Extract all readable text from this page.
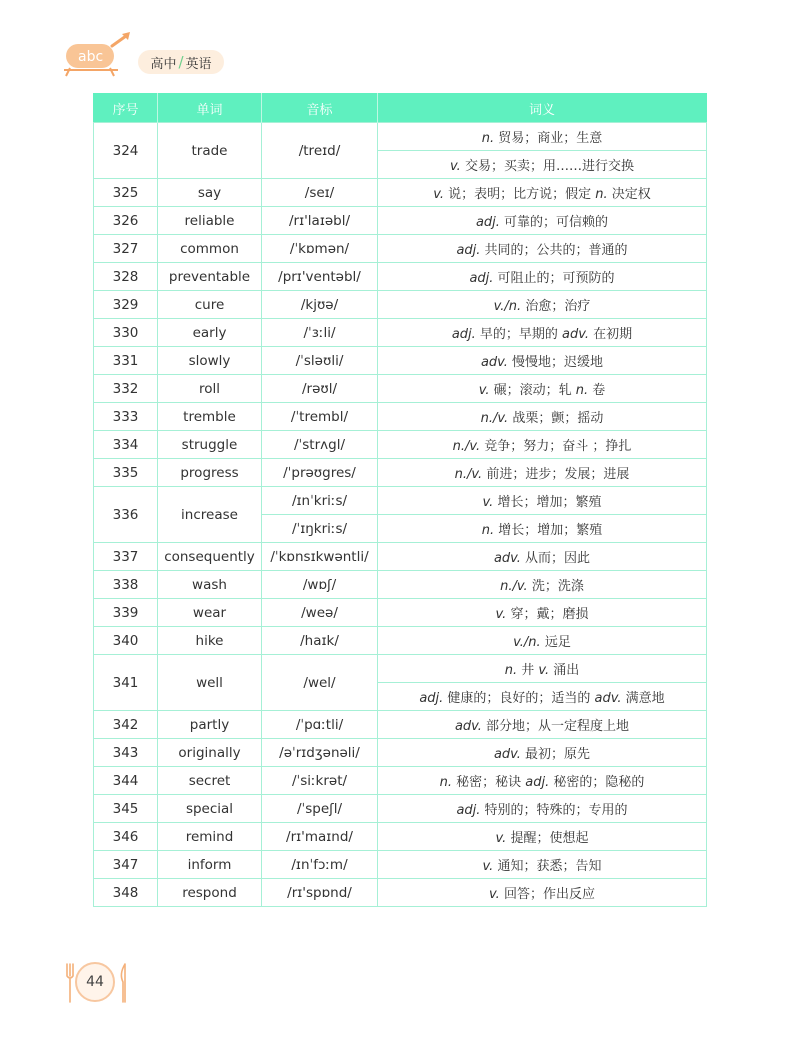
abc	高中 / 英语
序号	单词	音标	词义
324	trade	/treɪd/	n. 贸易；商业；生意
			v. 交易；买卖；用……进行交换
325	say	/seɪ/	v. 说；表明；比方说；假定 n. 决定权
326	reliable	/rɪ'laɪəbl/	adj. 可靠的；可信赖的
327	common	/ˈkɒmən/	adj. 共同的；公共的；普通的
328	preventable	/prɪ'ventəbl/	adj. 可阻止的；可预防的
329	cure	/kjʊə/	v./n. 治愈；治疗
330	early	/ˈɜːli/	adj. 早的；早期的 adv. 在初期
331	slowly	/ˈsləʊli/	adv. 慢慢地；迟缓地
332	roll	/rəʊl/	v. 碾；滚动；轧 n. 卷
333	tremble	/ˈtrembl/	n./v. 战栗；颤；摇动
334	struggle	/ˈstrʌgl/	n./v. 竞争；努力；奋斗 ；挣扎
335	progress	/ˈprəʊgres/	n./v. 前进；进步；发展；进展
336	increase	/ɪnˈkriːs/	v. 增长；增加；繁殖
		/ˈɪŋkriːs/	n. 增长；增加；繁殖
337	consequently	/ˈkɒnsɪkwəntli/	adv. 从而；因此
338	wash	/wɒʃ/	n./v. 洗；洗涤
339	wear	/weə/	v. 穿；戴；磨损
340	hike	/haɪk/	v./n. 远足
341	well	/wel/	n. 井 v. 涌出
			adj. 健康的；良好的；适当的 adv. 满意地
342	partly	/ˈpɑːtli/	adv. 部分地；从一定程度上地
343	originally	/əˈrɪdʒənəli/	adv. 最初；原先
344	secret	/ˈsiːkrət/	n. 秘密；秘诀 adj. 秘密的；隐秘的
345	special	/ˈspeʃl/	adj. 特别的；特殊的；专用的
346	remind	/rɪ'maɪnd/	v. 提醒；使想起
347	inform	/ɪnˈfɔːm/	v. 通知；获悉；告知
348	respond	/rɪ'spɒnd/	v. 回答；作出反应
44
